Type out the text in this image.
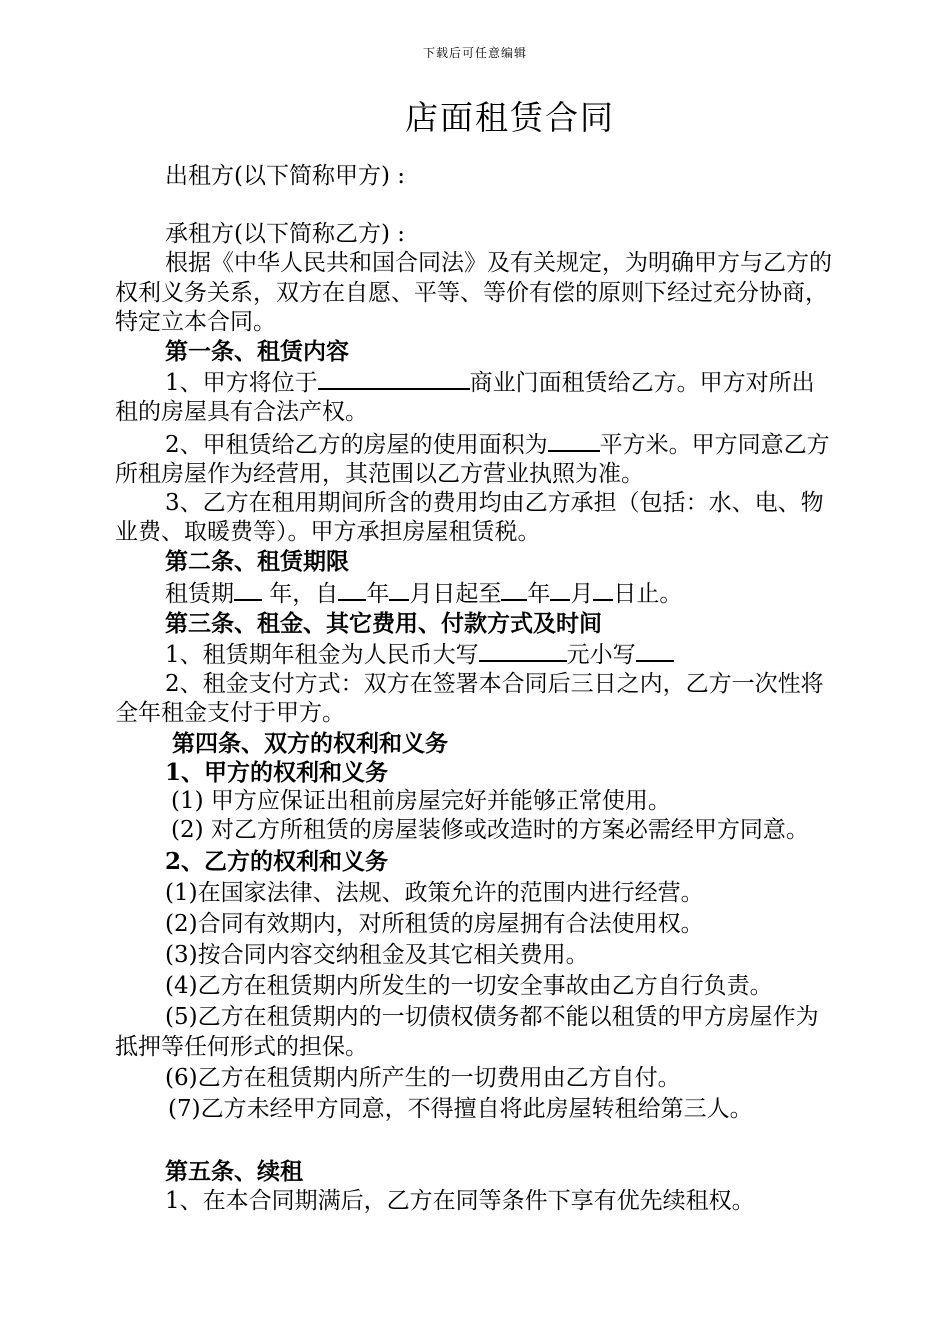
下载后可任意编辑
店面租赁合同

出租方(以下简称甲方) :

承租方(以下简称乙方) :

根据《中华人民共和国合同法》及有关规定，为明确甲方与乙方的权利义务关系，双方在自愿、平等、等价有偿的原则下经过充分协商，特定立本合同。

第一条、租赁内容

1、甲方将位于	商业门面租赁给乙方。甲方对所出租的房屋具有合法产权。

2、甲租赁给乙方的房屋的使用面积为 平方米。甲方同意乙方所租房屋作为经营用，其范围以乙方营业执照为准。

3、乙方在租用期间所含的费用均由乙方承担（包括：水、电、物业费、取暖费等）。甲方承担房屋租赁税。

第二条、租赁期限

租赁期 年，自 年 月日起至 年 月 日止。

第三条、租金、其它费用、付款方式及时间

1、租赁期年租金为人民币大写	元小写

2、租金支付方式：双方在签署本合同后三日之内，乙方一次性将全年租金支付于甲方。

第四条、双方的权利和义务

1、甲方的权利和义务

(1) 甲方应保证出租前房屋完好并能够正常使用。

(2) 对乙方所租赁的房屋装修或改造时的方案必需经甲方同意。

2、乙方的权利和义务

(1)在国家法律、法规、政策允许的范围内进行经营。

(2)合同有效期内，对所租赁的房屋拥有合法使用权。

(3)按合同内容交纳租金及其它相关费用。

(4)乙方在租赁期内所发生的一切安全事故由乙方自行负责。

(5)乙方在租赁期内的一切债权债务都不能以租赁的甲方房屋作为抵押等任何形式的担保。

(6)乙方在租赁期内所产生的一切费用由乙方自付。

(7)乙方未经甲方同意，不得擅自将此房屋转租给第三人。

第五条、续租

1、在本合同期满后，乙方在同等条件下享有优先续租权。
